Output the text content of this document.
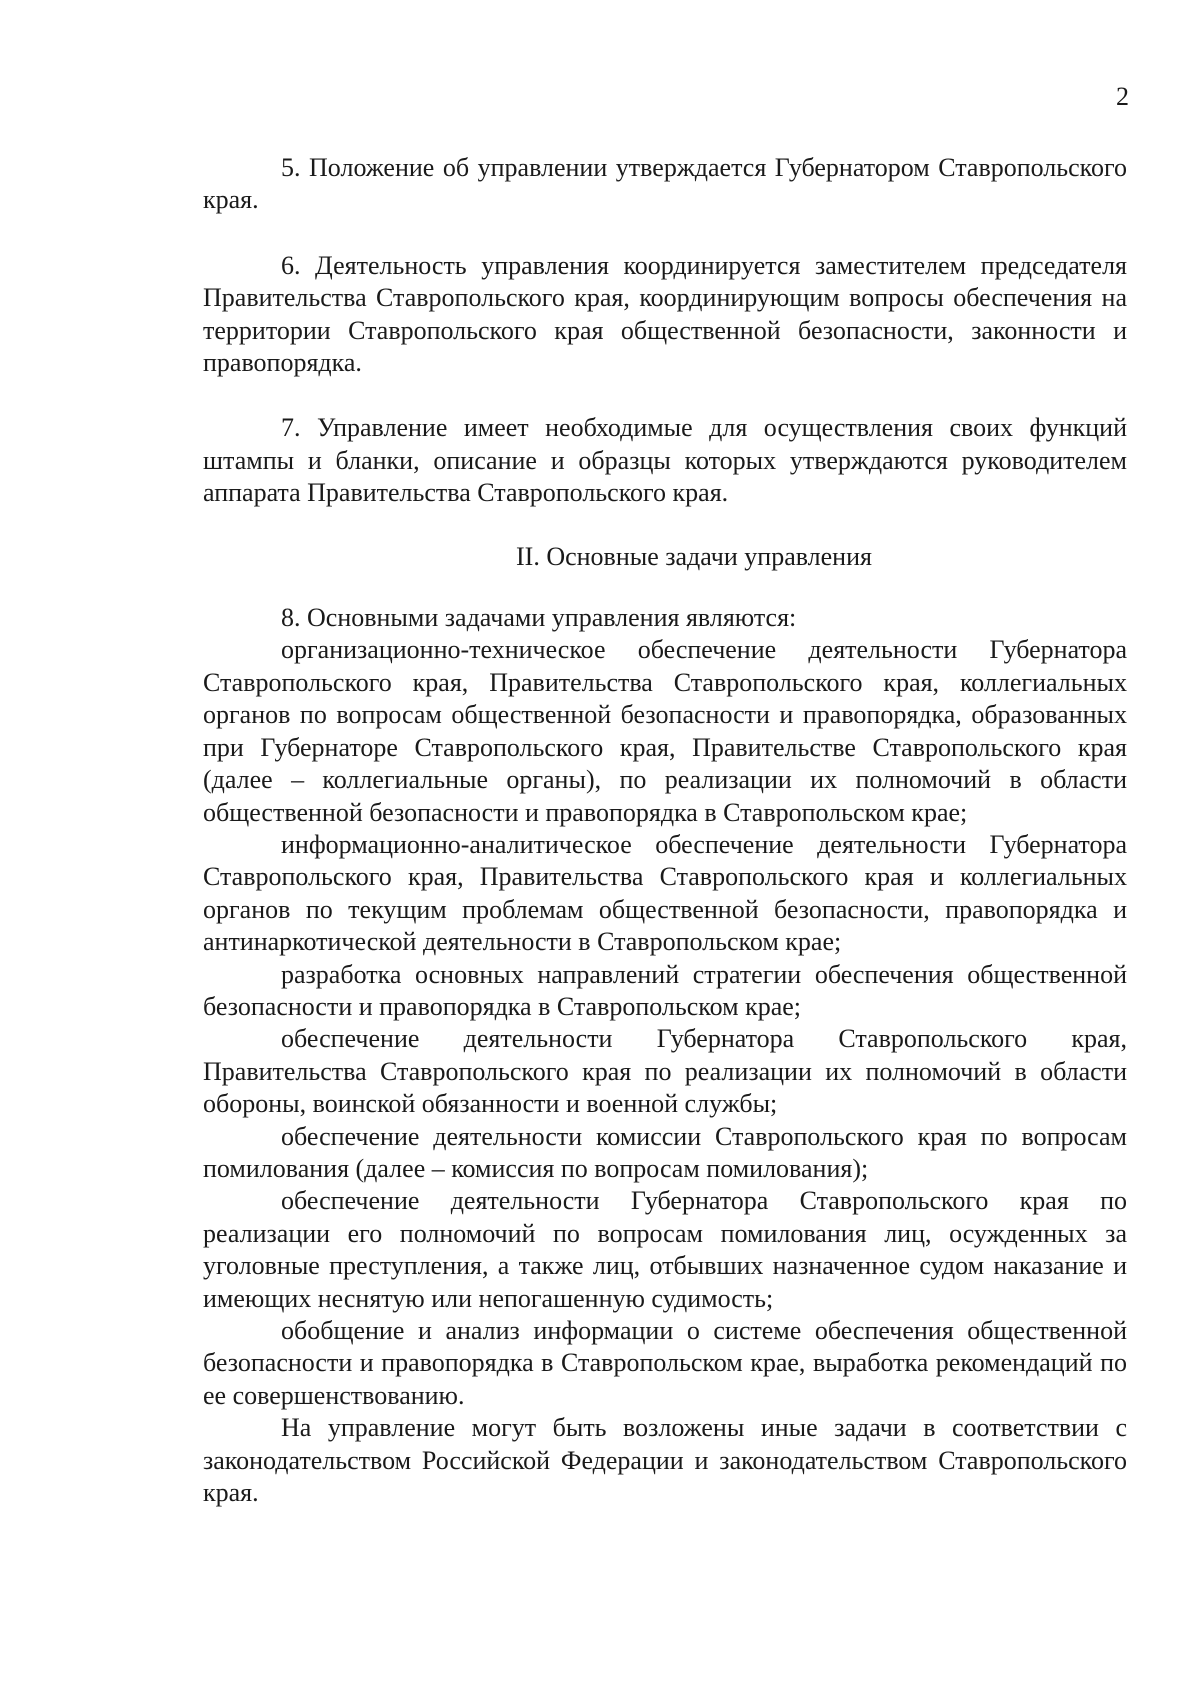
2

5. Положение об управлении утверждается Губернатором Ставропольского края.

6. Деятельность управления координируется заместителем председателя Правительства Ставропольского края, координирующим вопросы обеспечения на территории Ставропольского края общественной безопасности, законности и правопорядка.

7. Управление имеет необходимые для осуществления своих функций штампы и бланки, описание и образцы которых утверждаются руководителем аппарата Правительства Ставропольского края.

II. Основные задачи управления

8. Основными задачами управления являются:

организационно-техническое обеспечение деятельности Губернатора Ставропольского края, Правительства Ставропольского края, коллегиальных органов по вопросам общественной безопасности и правопорядка, образованных при Губернаторе Ставропольского края, Правительстве Ставропольского края (далее – коллегиальные органы), по реализации их полномочий в области общественной безопасности и правопорядка в Ставропольском крае;

информационно-аналитическое обеспечение деятельности Губернатора Ставропольского края, Правительства Ставропольского края и коллегиальных органов по текущим проблемам общественной безопасности, правопорядка и антинаркотической деятельности в Ставропольском крае;

разработка основных направлений стратегии обеспечения общественной безопасности и правопорядка в Ставропольском крае;

обеспечение деятельности Губернатора Ставропольского края, Правительства Ставропольского края по реализации их полномочий в области обороны, воинской обязанности и военной службы;

обеспечение деятельности комиссии Ставропольского края по вопросам помилования (далее – комиссия по вопросам помилования);

обеспечение деятельности Губернатора Ставропольского края по реализации его полномочий по вопросам помилования лиц, осужденных за уголовные преступления, а также лиц, отбывших назначенное судом наказание и имеющих неснятую или непогашенную судимость;

обобщение и анализ информации о системе обеспечения общественной безопасности и правопорядка в Ставропольском крае, выработка рекомендаций по ее совершенствованию.

На управление могут быть возложены иные задачи в соответствии с законодательством Российской Федерации и законодательством Ставропольского края.
